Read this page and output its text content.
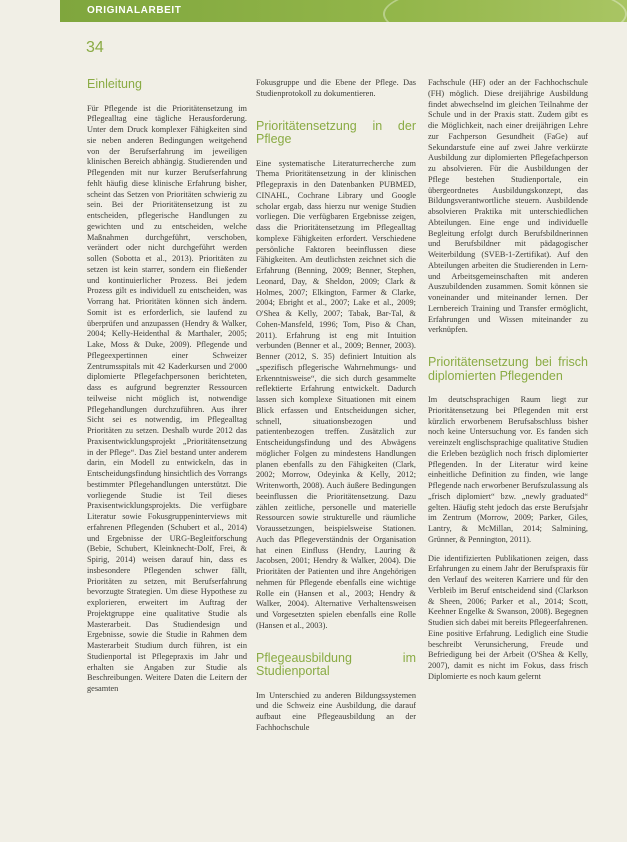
ORIGINALARBEIT
34
Einleitung

Für Pflegende ist die Prioritätensetzung im Pflegealltag eine tägliche Herausforderung. Unter dem Druck komplexer Fähigkeiten sind sie neben anderen Bedingungen weitgehend von der Berufserfahrung im jeweiligen klinischen Bereich abhängig. Studierenden und Pflegenden mit nur kurzer Berufserfahrung fehlt häufig diese klinische Erfahrung bisher, scheint das Setzen von Prioritäten schwierig zu sein. Bei der Prioritätensetzung ist zu entscheiden, pflegerische Handlungen zu gewichten und zu entscheiden, welche Maßnahmen durchgeführt, verschoben, verändert oder nicht durchgeführt werden sollen (Sobotta et al., 2013). Prioritäten zu setzen ist kein starrer, sondern ein fließender und kontinuierlicher Prozess. Bei jedem Prozess gilt es individuell zu entscheiden, was Vorrang hat. Prioritäten können sich ändern. Somit ist es erforderlich, sie laufend zu überprüfen und anzupassen (Hendry & Walker, 2004; Kelly-Heidenthal & Marthaler, 2005; Lake, Moss & Duke, 2009). Pflegende und Pflegeexpertinnen einer Schweizer Zentrumsspitals mit 42 Kaderkursen und 2'000 diplomierte Pflegefachpersonen berichteten, dass es aufgrund begrenzter Ressourcen teilweise nicht möglich ist, notwendige Pflegehandlungen durchzuführen. Aus ihrer Sicht sei es notwendig, im Pflegealltag Prioritäten zu setzen. Deshalb wurde 2012 das Praxisentwicklungsprojekt „Prioritätensetzung in der Pflege“. Das Ziel bestand unter anderem darin, ein Modell zu entwickeln, das in Entscheidungsfindung hinsichtlich des Vorrangs bestimmter Pflegehandlungen unterstützt. Die vorliegende Studie ist Teil dieses Praxisentwicklungsprojekts. Die verfügbare Literatur sowie Fokusgruppeninterviews mit erfahrenen Pflegenden (Schubert et al., 2014) und Ergebnisse der URG-Begleitforschung (Bebie, Schubert, Kleinknecht-Dolf, Frei, & Spirig, 2014) weisen darauf hin, dass es insbesondere Pflegenden schwer fällt, Prioritäten zu setzen, mit Berufserfahrung bevorzugte Strategien. Um diese Hypothese zu explorieren, erweitert im Auftrag der Projektgruppe eine qualitative Studie als Masterarbeit. Das Studiendesign und Ergebnisse, sowie die Studie in Rahmen dem Masterarbeit Studium durch führen, ist ein Studienportal ist Pflegepraxis im Jahr und erhalten sie Angaben zur Studie als Beschreibungen. Weitere Daten die Leitern der gesamten

Fokusgruppe und die Ebene der Pflege. Das Studienprotokoll zu dokumentieren.

Prioritätensetzung in der Pflege

Eine systematische Literaturrecherche zum Thema Prioritätensetzung in der klinischen Pflegepraxis in den Datenbanken PUBMED, CINAHL, Cochrane Library und Google scholar ergab, dass hierzu nur wenige Studien vorliegen. Die verfügbaren Ergebnisse zeigen, dass die Prioritätensetzung im Pflegealltag komplexe Fähigkeiten erfordert. Verschiedene persönliche Faktoren beeinflussen diese Fähigkeiten. Am deutlichsten zeichnet sich die Erfahrung (Benning, 2009; Benner, Stephen, Leonard, Day, & Sheldon, 2009; Clark & Holmes, 2007; Elkington, Farmer & Clarke, 2004; Ebright et al., 2007; Lake et al., 2009; O'Shea & Kelly, 2007; Tabak, Bar-Tal, & Cohen-Mansfeld, 1996; Tom, Piso & Chan, 2011). Erfahrung ist eng mit Intuition verbunden (Benner et al., 2009; Benner, 2003). Benner (2012, S. 35) definiert Intuition als „spezifisch pflegerische Wahrnehmungs- und Erkenntnisweise“, die sich durch gesammelte reflektierte Erfahrung entwickelt. Dadurch lassen sich komplexe Situationen mit einem Blick erfassen und Entscheidungen sicher, schnell, situationsbezogen und patientenbezogen treffen. Zusätzlich zur Entscheidungsfindung und des Abwägens möglicher Folgen zu mindestens Handlungen planen ebenfalls zu den Fähigkeiten (Clark, 2002; Morrow, Odeyinka & Kelly, 2012; Writenworth, 2008). Auch äußere Bedingungen beeinflussen die Prioritätensetzung. Dazu zählen zeitliche, personelle und materielle Ressourcen sowie strukturelle und räumliche Voraussetzungen, beispielsweise Stationen. Auch das Pflegeverständnis der Organisation hat einen Einfluss (Hendry, Lauring & Jacobsen, 2001; Hendry & Walker, 2004). Die Prioritäten der Patienten und ihre Angehörigen nehmen für Pflegende ebenfalls eine wichtige Rolle ein (Hansen et al., 2003; Hendry & Walker, 2004). Alternative Verhaltensweisen und Vorgesetzten spielen ebenfalls eine Rolle (Hansen et al., 2003).

Pflegeausbildung im Studienportal

Im Unterschied zu anderen Bildungssystemen und die Schweiz eine Ausbildung, die darauf aufbaut eine Pflegeausbildung an der Fachhochschule

Fachschule (HF) oder an der Fachhochschule (FH) möglich. Diese dreijährige Ausbildung findet abwechselnd im gleichen Teilnahme der Schule und in der Praxis statt. Zudem gibt es die Möglichkeit, nach einer dreijährigen Lehre zur Fachperson Gesundheit (FaGe) auf Sekundarstufe eine auf zwei Jahre verkürzte Ausbildung zur diplomierten Pflegefachperson zu absolvieren. Für die Ausbildungen der Pflege bestehen Studienportale, ein übergeordnetes Ausbildungskonzept, das Bildungsverantwortliche steuern. Ausbildende absolvieren Praktika mit unterschiedlichen Abteilungen. Eine enge und individuelle Begleitung erfolgt durch Berufsbildnerinnen und Berufsbildner mit pädagogischer Weiterbildung (SVEB-1-Zertifikat). Auf den Abteilungen arbeiten die Studierenden in Lern- und Arbeitsgemeinschaften mit anderen Auszubildenden zusammen. Somit können sie voneinander und miteinander lernen. Der Lernbereich Training und Transfer ermöglicht, Erfahrungen und Wissen miteinander zu verknüpfen.

Prioritätensetzung bei frisch diplomierten Pflegenden

Im deutschsprachigen Raum liegt zur Prioritätensetzung bei Pflegenden mit erst kürzlich erworbenem Berufsabschluss bisher noch keine Untersuchung vor. Es fanden sich vereinzelt englischsprachige qualitative Studien die Erleben bezüglich noch frisch diplomierter Pflegenden. In der Literatur wird keine einheitliche Definition zu finden, wie lange Pflegende nach erworbener Berufszulassung als „frisch diplomiert“ bzw. „newly graduated“ gelten. Häufig steht jedoch das erste Berufsjahr im Zentrum (Morrow, 2009; Parker, Giles, Lantry, & McMillan, 2014; Salmining, Grünner, & Pennington, 2011).

Die identifizierten Publikationen zeigen, dass Erfahrungen zu einem Jahr der Berufspraxis für den Verlauf des weiteren Karriere und für den Verbleib im Beruf entscheidend sind (Clarkson & Sheen, 2006; Parker et al., 2014; Scott, Keehner Engelke & Swanson, 2008). Begegnen Studien sich dabei mit bereits Pflegeerfahrenen. Eine positive Erfahrung. Lediglich eine Studie beschreibt Verunsicherung, Freude und Befriedigung bei der Arbeit (O'Shea & Kelly, 2007), damit es nicht im Fokus, dass frisch Diplomierte es noch kaum gelernt
